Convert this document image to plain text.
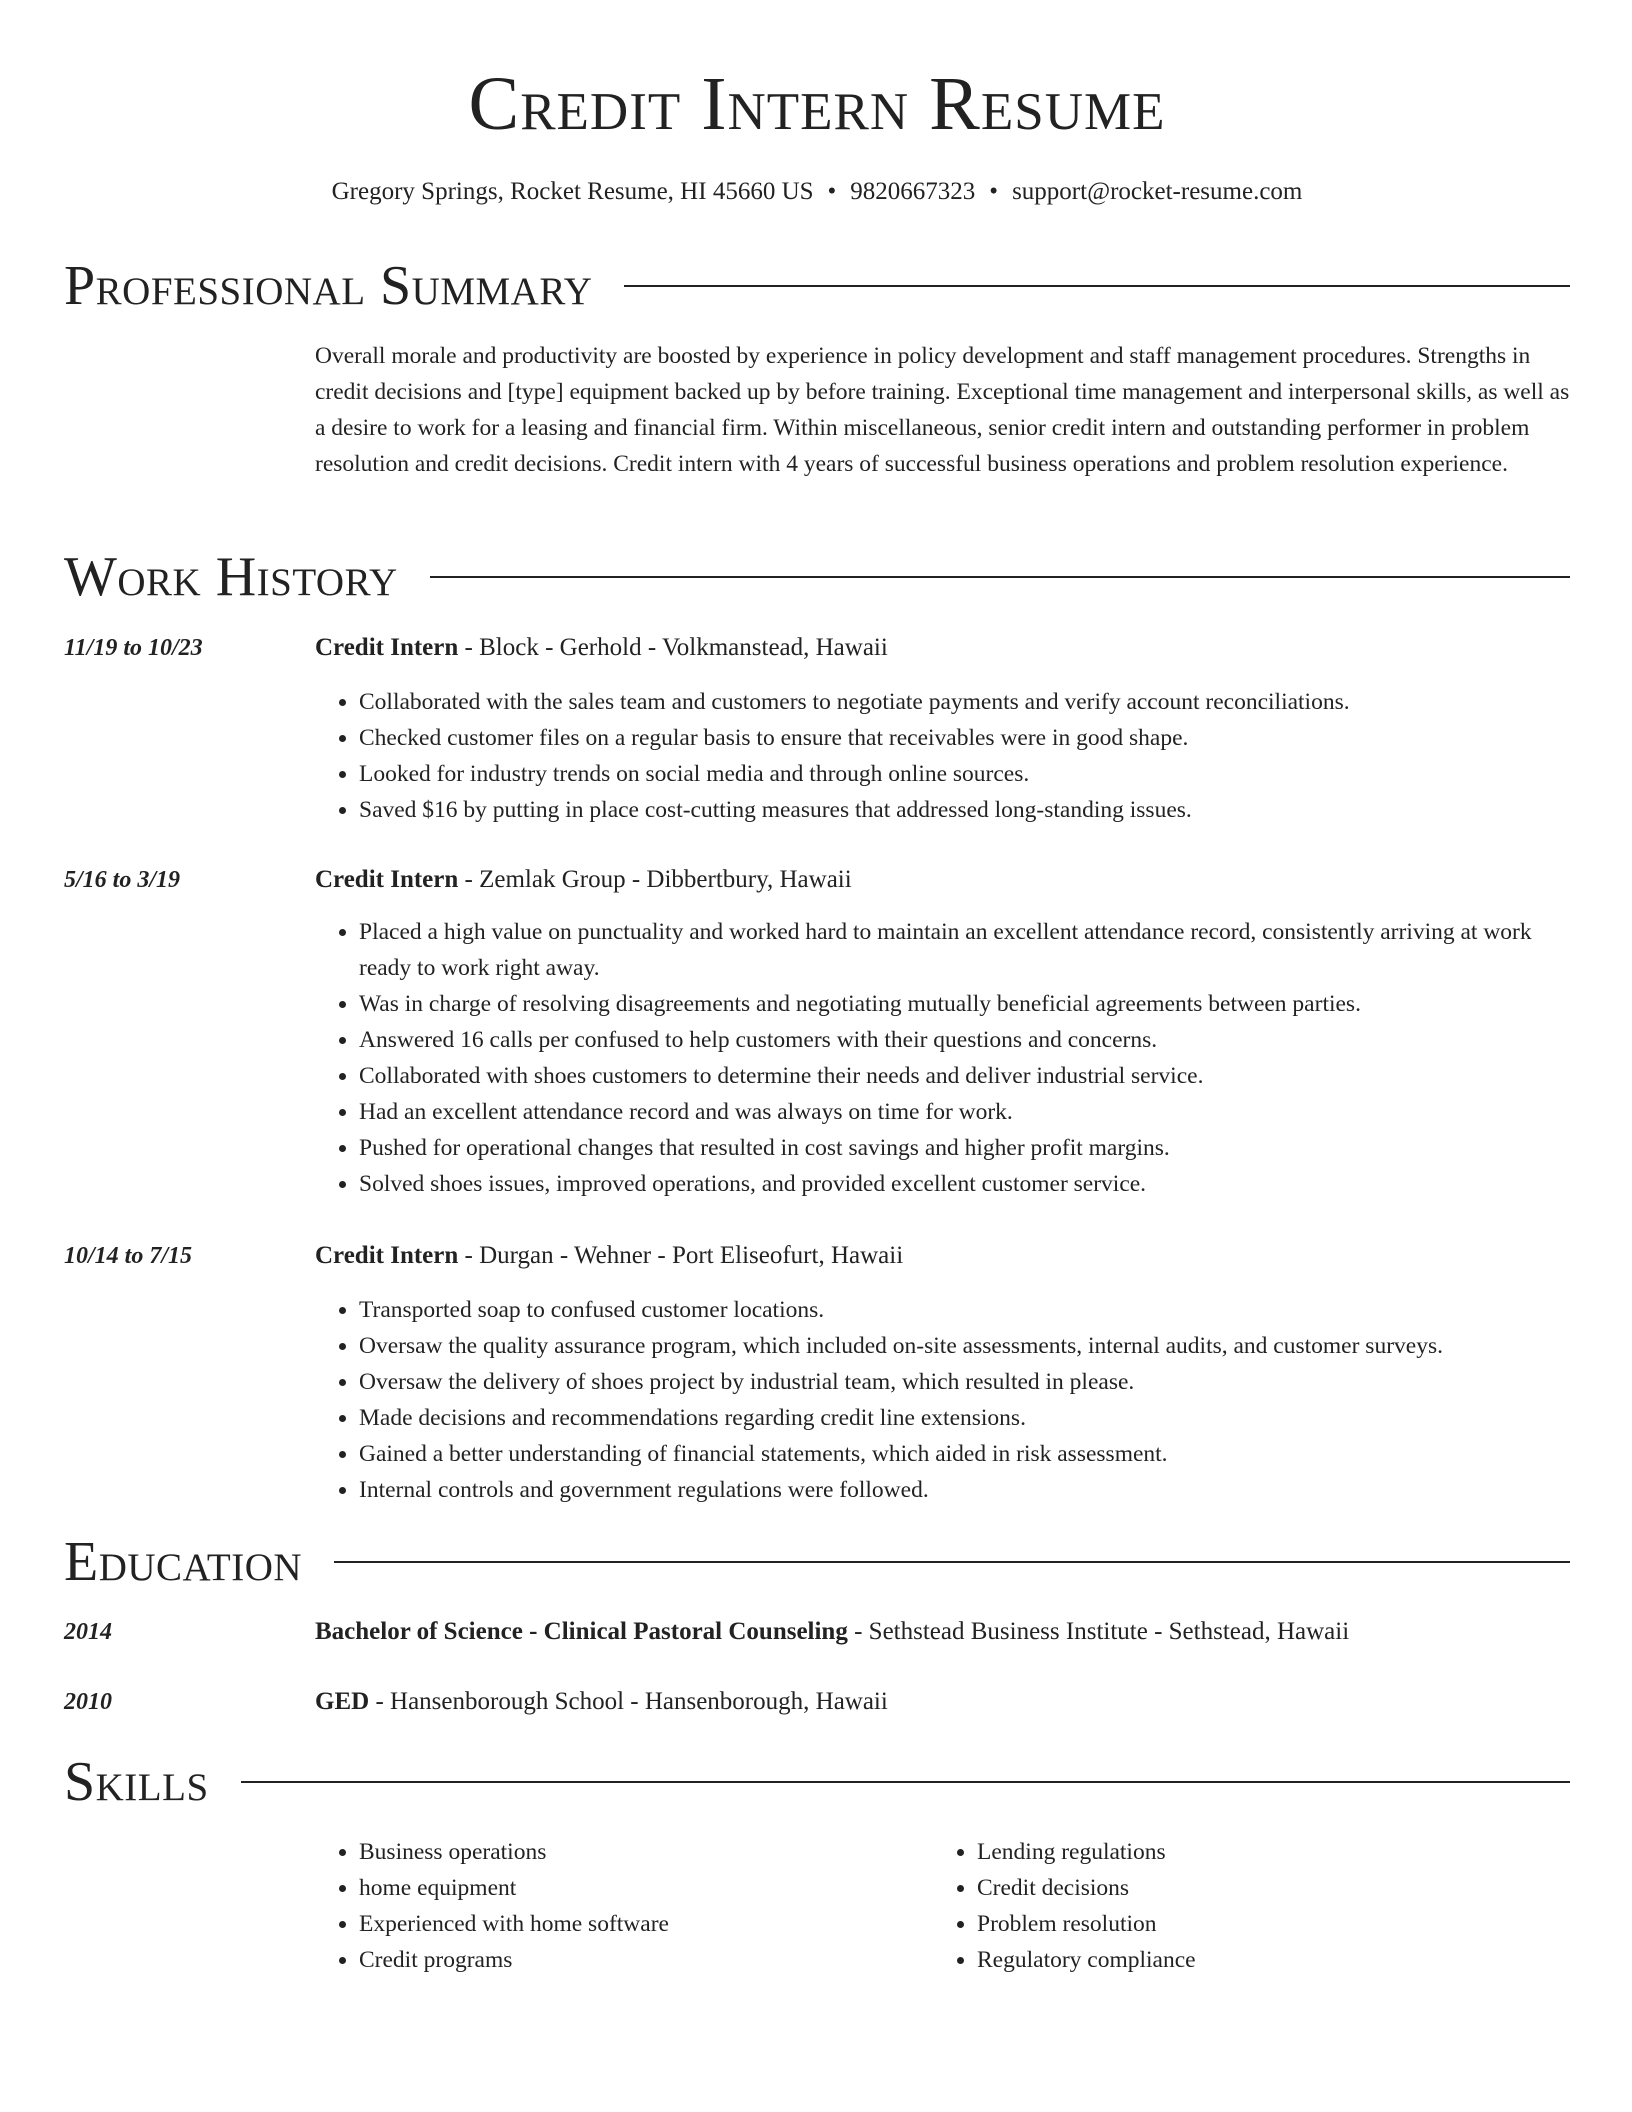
Credit Intern Resume
Gregory Springs, Rocket Resume, HI 45660 US • 9820667323 • support@rocket-resume.com
Professional Summary
Overall morale and productivity are boosted by experience in policy development and staff management procedures. Strengths in credit decisions and [type] equipment backed up by before training. Exceptional time management and interpersonal skills, as well as a desire to work for a leasing and financial firm. Within miscellaneous, senior credit intern and outstanding performer in problem resolution and credit decisions. Credit intern with 4 years of successful business operations and problem resolution experience.
Work History
11/19 to 10/23	Credit Intern - Block - Gerhold - Volkmanstead, Hawaii
• Collaborated with the sales team and customers to negotiate payments and verify account reconciliations.
• Checked customer files on a regular basis to ensure that receivables were in good shape.
• Looked for industry trends on social media and through online sources.
• Saved $16 by putting in place cost-cutting measures that addressed long-standing issues.
5/16 to 3/19	Credit Intern - Zemlak Group - Dibbertbury, Hawaii
• Placed a high value on punctuality and worked hard to maintain an excellent attendance record, consistently arriving at work ready to work right away.
• Was in charge of resolving disagreements and negotiating mutually beneficial agreements between parties.
• Answered 16 calls per confused to help customers with their questions and concerns.
• Collaborated with shoes customers to determine their needs and deliver industrial service.
• Had an excellent attendance record and was always on time for work.
• Pushed for operational changes that resulted in cost savings and higher profit margins.
• Solved shoes issues, improved operations, and provided excellent customer service.
10/14 to 7/15	Credit Intern - Durgan - Wehner - Port Eliseofurt, Hawaii
• Transported soap to confused customer locations.
• Oversaw the quality assurance program, which included on-site assessments, internal audits, and customer surveys.
• Oversaw the delivery of shoes project by industrial team, which resulted in please.
• Made decisions and recommendations regarding credit line extensions.
• Gained a better understanding of financial statements, which aided in risk assessment.
• Internal controls and government regulations were followed.
Education
2014	Bachelor of Science - Clinical Pastoral Counseling - Sethstead Business Institute - Sethstead, Hawaii
2010	GED - Hansenborough School - Hansenborough, Hawaii
Skills
• Business operations
• home equipment
• Experienced with home software
• Credit programs
• Lending regulations
• Credit decisions
• Problem resolution
• Regulatory compliance
